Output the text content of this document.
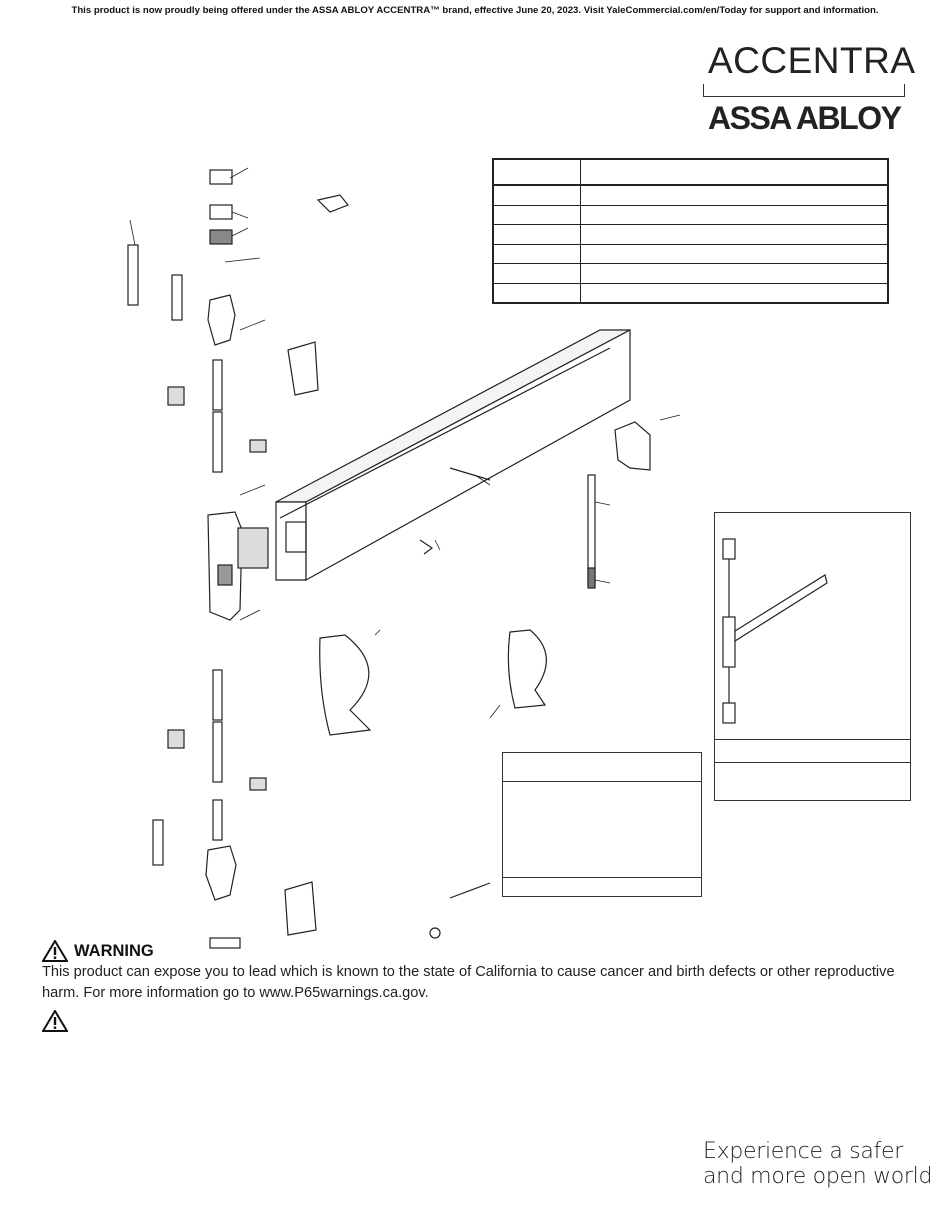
This product is now proudly being offered under the ASSA ABLOY ACCENTRA™ brand, effective June 20, 2023. Visit YaleCommercial.com/en/Today for support and information.
ACCENTRA
ASSA ABLOY
WARNING
This product can expose you to lead which is known to the state of California to cause cancer and birth defects or other reproductive harm. For more information go to www.P65warnings.ca.gov.
Experience a safer
and more open world
